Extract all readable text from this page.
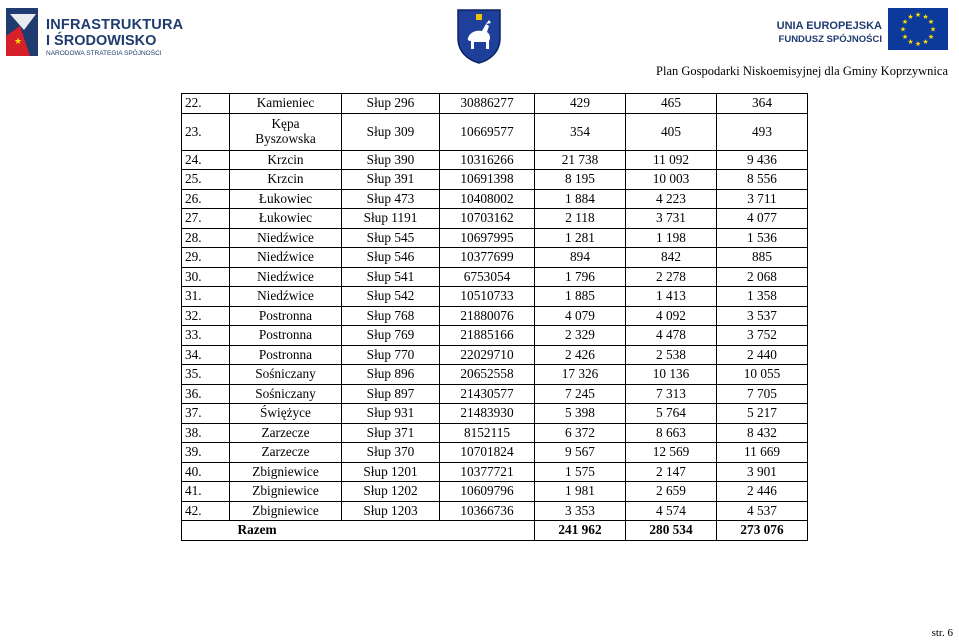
★
INFRASTRUKTURA
I ŚRODOWISKO
NARODOWA STRATEGIA SPÓJNOŚCI
UNIA EUROPEJSKA
FUNDUSZ SPÓJNOŚCI
★ ★
★
★
★
★
★
★
★
★
★
★
Plan Gospodarki Niskoemisyjnej dla Gminy Koprzywnica
22.	Kamieniec	Słup 296	30886277	429	465	364
23.	Kępa
Byszowska	Słup 309	10669577	354	405	493
24.	Krzcin	Słup 390	10316266	21 738	11 092	9 436
25.	Krzcin	Słup 391	10691398	8 195	10 003	8 556
26.	Łukowiec	Słup 473	10408002	1 884	4 223	3 711
27.	Łukowiec	Słup 1191	10703162	2 118	3 731	4 077
28.	Niedźwice	Słup 545	10697995	1 281	1 198	1 536
29.	Niedźwice	Słup 546	10377699	894	842	885
30.	Niedźwice	Słup 541	6753054	1 796	2 278	2 068
31.	Niedźwice	Słup 542	10510733	1 885	1 413	1 358
32.	Postronna	Słup 768	21880076	4 079	4 092	3 537
33.	Postronna	Słup 769	21885166	2 329	4 478	3 752
34.	Postronna	Słup 770	22029710	2 426	2 538	2 440
35.	Sośniczany	Słup 896	20652558	17 326	10 136	10 055
36.	Sośniczany	Słup 897	21430577	7 245	7 313	7 705
37.	Świężyce	Słup 931	21483930	5 398	5 764	5 217
38.	Zarzecze	Słup 371	8152115	6 372	8 663	8 432
39.	Zarzecze	Słup 370	10701824	9 567	12 569	11 669
40.	Zbigniewice	Słup 1201	10377721	1 575	2 147	3 901
41.	Zbigniewice	Słup 1202	10609796	1 981	2 659	2 446
42.	Zbigniewice	Słup 1203	10366736	3 353	4 574	4 537
	Razem			241 962	280 534	273 076
str. 6
